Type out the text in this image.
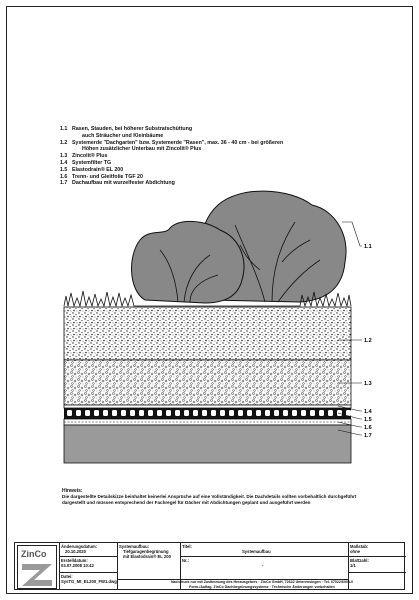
1.1 Rasen, Stauden, bei höherer Substratschüttung
auch Sträucher und Kleinbäume
1.2 Systemerde "Dachgarten" bzw. Systemerde "Rasen", max. 36 - 40 cm - bei größeren
Höhen zusätzlicher Unterbau mit Zincolit® Plus
1.3 Zincolit® Plus
1.4 Systemfilter TG
1.5 Elastodrain® EL 200
1.6 Trenn- und Gleitfolie TGF 20
1.7 Dachaufbau mit wurzelfester Abdichtung
1.1
1.2
1.3
1.4
1.5
1.6
1.7
Hinweis:
Die dargestellte Detailskizze beinhaltet keinerlei Ansprüche auf eine Vollständigkeit. Die Dachdetails sollten vorbehaltlich durchgeführt
dargestellt und müssen entsprechend der Fachregel für Dächer mit Abdichtungen geplant und ausgeführt werden
ZinCo
Änderungsdatum:
20.10.2020
Erstelldatum:
03.07.2008 10:42
Datei:
SysTG_Mt_EL200_FW1.dwg
Systemaufbau:
Tiefgaragenbegrünung
mit Elastodrain® EL 200
Titel:
Systemaufbau
Nr.:
-
Maßstab:
ohne
Blattzahl:
1/1
Nachdruck nur mit Zustimmung des Herausgebers · ZinCo GmbH, 72622 Unterensingen · Tel. 07022/6003-0
Form-/Auflag. ZinCo Dachbegrünungssysteme · Technische Änderungen vorbehalten
